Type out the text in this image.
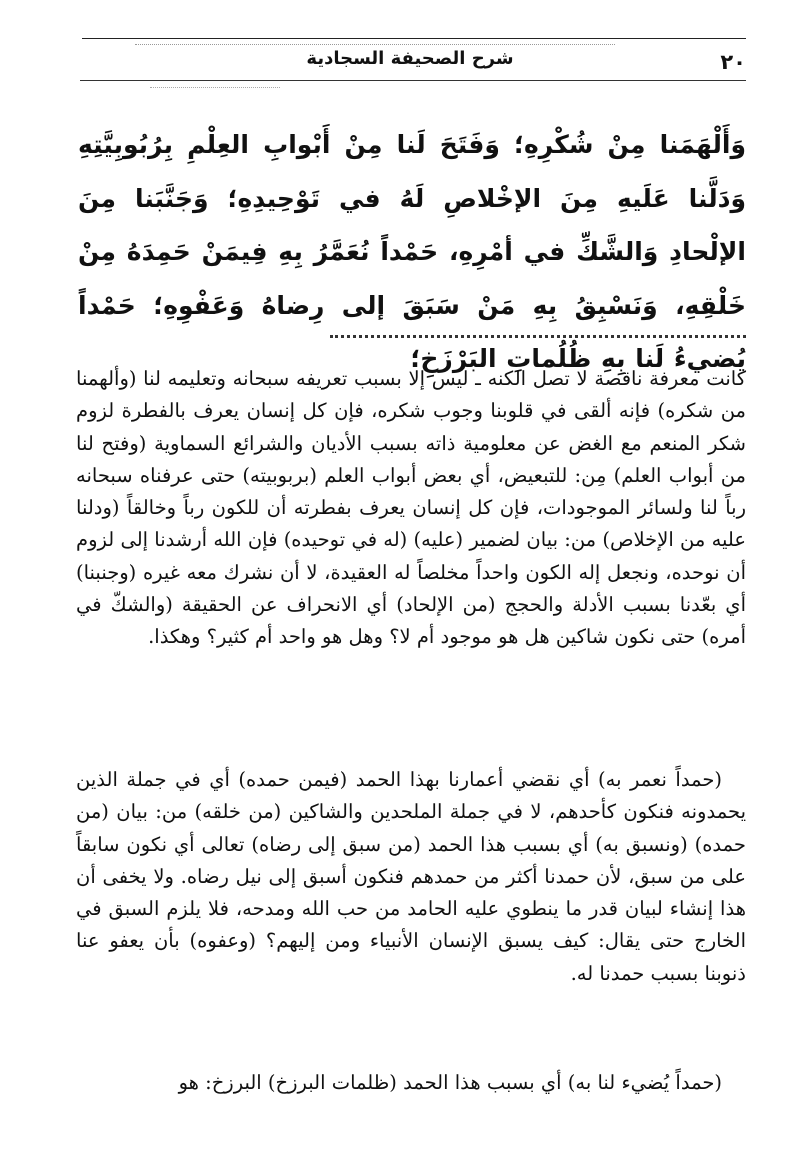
٢٠
شرح الصحيفة السجادية

وَأَلْهَمَنا مِنْ شُكْرِهِ؛ وَفَتَحَ لَنا مِنْ أَبْوابِ العِلْمِ بِرُبُوبِيَّتِهِ وَدَلَّنا عَلَيهِ مِنَ الإخْلاصِ لَهُ في تَوْحِيدِهِ؛ وَجَنَّبَنا مِنَ الإلْحادِ وَالشَّكِّ في أمْرِهِ، حَمْداً نُعَمَّرُ بِهِ فِيمَنْ حَمِدَهُ مِنْ خَلْقِهِ، وَنَسْبِقُ بِهِ مَنْ سَبَقَ إلى رِضاهُ وَعَفْوِهِ؛ حَمْداً يُضيءُ لَنا بِهِ ظُلُماتِ البَرْزَخِ؛

كانت معرفة ناقصة لا تصل الكنه ـ ليس إلا بسبب تعريفه سبحانه وتعليمه لنا (وألهمنا من شكره) فإنه ألقى في قلوبنا وجوب شكره، فإن كل إنسان يعرف بالفطرة لزوم شكر المنعم مع الغض عن معلومية ذاته بسبب الأديان والشرائع السماوية (وفتح لنا من أبواب العلم) مِن: للتبعيض، أي بعض أبواب العلم (بربوبيته) حتى عرفناه سبحانه رباً لنا ولسائر الموجودات، فإن كل إنسان يعرف بفطرته أن للكون رباً وخالقاً (ودلنا عليه من الإخلاص) من: بيان لضمير (عليه) (له في توحيده) فإن الله أرشدنا إلى لزوم أن نوحده، ونجعل إله الكون واحداً مخلصاً له العقيدة، لا أن نشرك معه غيره (وجنبنا) أي بعّدنا بسبب الأدلة والحجج (من الإلحاد) أي الانحراف عن الحقيقة (والشكّ في أمره) حتى نكون شاكين هل هو موجود أم لا؟ وهل هو واحد أم كثير؟ وهكذا.

(حمداً نعمر به) أي نقضي أعمارنا بهذا الحمد (فيمن حمده) أي في جملة الذين يحمدونه فنكون كأحدهم، لا في جملة الملحدين والشاكين (من خلقه) من: بيان (من حمده) (ونسبق به) أي بسبب هذا الحمد (من سبق إلى رضاه) تعالى أي نكون سابقاً على من سبق، لأن حمدنا أكثر من حمدهم فنكون أسبق إلى نيل رضاه. ولا يخفى أن هذا إنشاء لبيان قدر ما ينطوي عليه الحامد من حب الله ومدحه، فلا يلزم السبق في الخارج حتى يقال: كيف يسبق الإنسان الأنبياء ومن إليهم؟ (وعفوه) بأن يعفو عنا ذنوبنا بسبب حمدنا له.

(حمداً يُضيء لنا به) أي بسبب هذا الحمد (ظلمات البرزخ) البرزخ: هو
